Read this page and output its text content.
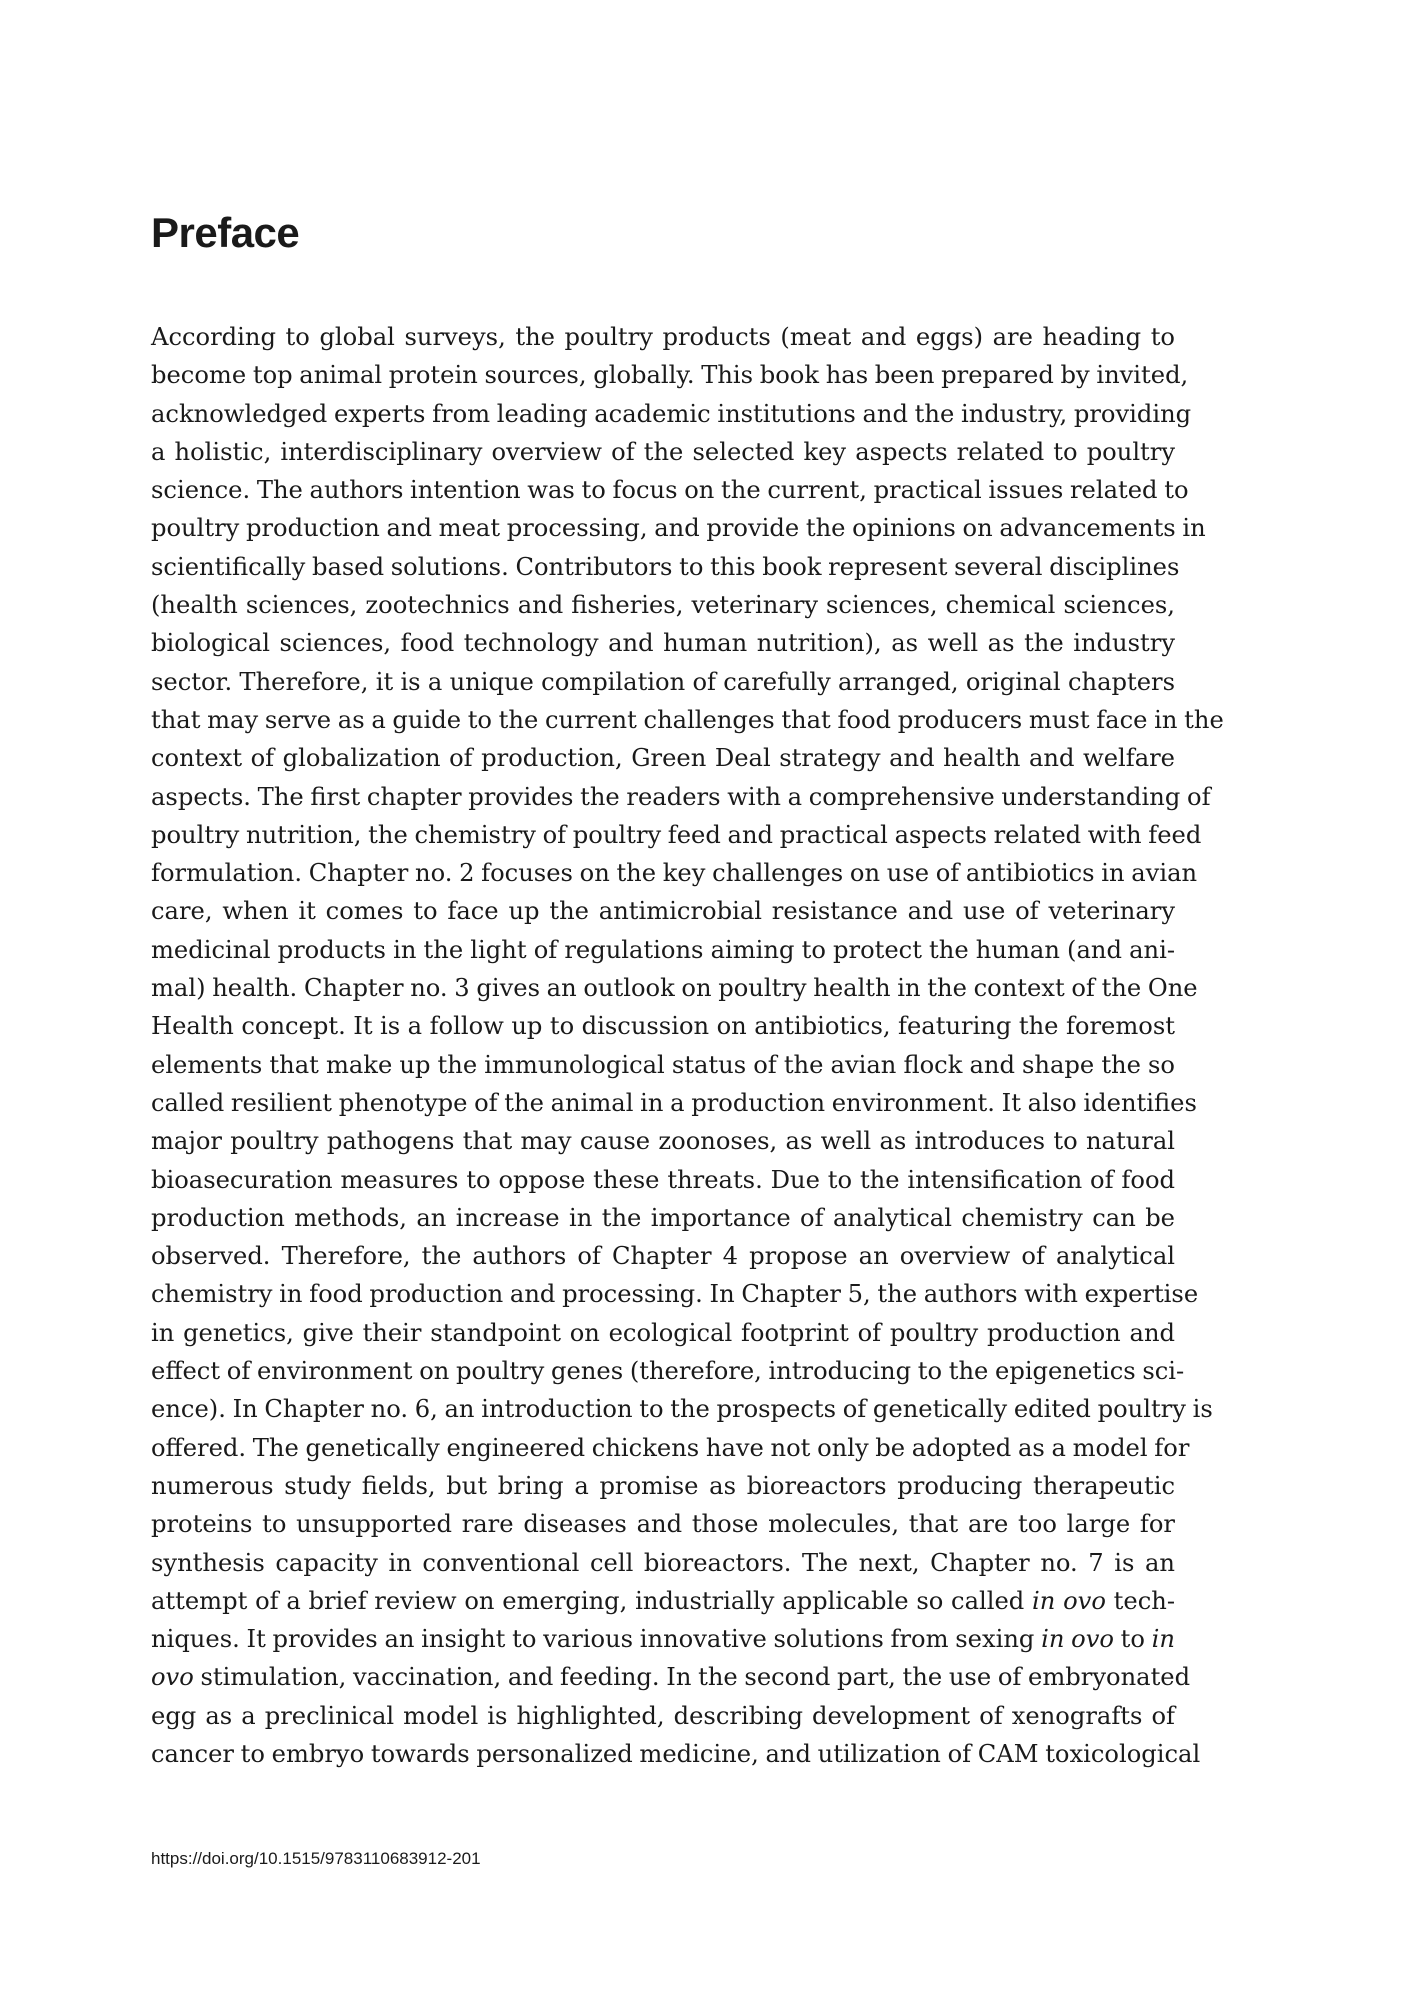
Preface
According to global surveys, the poultry products (meat and eggs) are heading to
become top animal protein sources, globally. This book has been prepared by invited,
acknowledged experts from leading academic institutions and the industry, providing
a holistic, interdisciplinary overview of the selected key aspects related to poultry
science. The authors intention was to focus on the current, practical issues related to
poultry production and meat processing, and provide the opinions on advancements in
scientifically based solutions. Contributors to this book represent several disciplines
(health sciences, zootechnics and fisheries, veterinary sciences, chemical sciences,
biological sciences, food technology and human nutrition), as well as the industry
sector. Therefore, it is a unique compilation of carefully arranged, original chapters
that may serve as a guide to the current challenges that food producers must face in the
context of globalization of production, Green Deal strategy and health and welfare
aspects. The first chapter provides the readers with a comprehensive understanding of
poultry nutrition, the chemistry of poultry feed and practical aspects related with feed
formulation. Chapter no. 2 focuses on the key challenges on use of antibiotics in avian
care, when it comes to face up the antimicrobial resistance and use of veterinary
medicinal products in the light of regulations aiming to protect the human (and ani-
mal) health. Chapter no. 3 gives an outlook on poultry health in the context of the One
Health concept. It is a follow up to discussion on antibiotics, featuring the foremost
elements that make up the immunological status of the avian flock and shape the so
called resilient phenotype of the animal in a production environment. It also identifies
major poultry pathogens that may cause zoonoses, as well as introduces to natural
bioasecuration measures to oppose these threats. Due to the intensification of food
production methods, an increase in the importance of analytical chemistry can be
observed. Therefore, the authors of Chapter 4 propose an overview of analytical
chemistry in food production and processing. In Chapter 5, the authors with expertise
in genetics, give their standpoint on ecological footprint of poultry production and
effect of environment on poultry genes (therefore, introducing to the epigenetics sci-
ence). In Chapter no. 6, an introduction to the prospects of genetically edited poultry is
offered. The genetically engineered chickens have not only be adopted as a model for
numerous study fields, but bring a promise as bioreactors producing therapeutic
proteins to unsupported rare diseases and those molecules, that are too large for
synthesis capacity in conventional cell bioreactors. The next, Chapter no. 7 is an
attempt of a brief review on emerging, industrially applicable so called in ovo tech-
niques. It provides an insight to various innovative solutions from sexing in ovo to in
ovo stimulation, vaccination, and feeding. In the second part, the use of embryonated
egg as a preclinical model is highlighted, describing development of xenografts of
cancer to embryo towards personalized medicine, and utilization of CAM toxicological
https://doi.org/10.1515/9783110683912-201
